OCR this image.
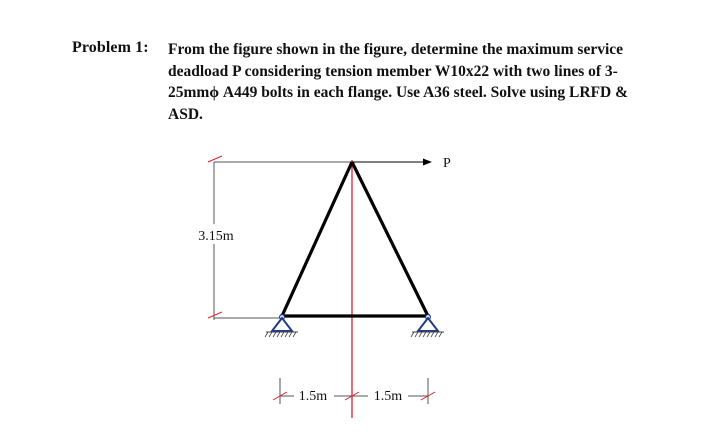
Problem 1: From the figure shown in the figure, determine the maximum service
deadload P considering tension member W10x22 with two lines of 3-
25mmϕ A449 bolts in each flange. Use A36 steel. Solve using LRFD &
ASD.
3.15m
P
1.5m	1.5m
